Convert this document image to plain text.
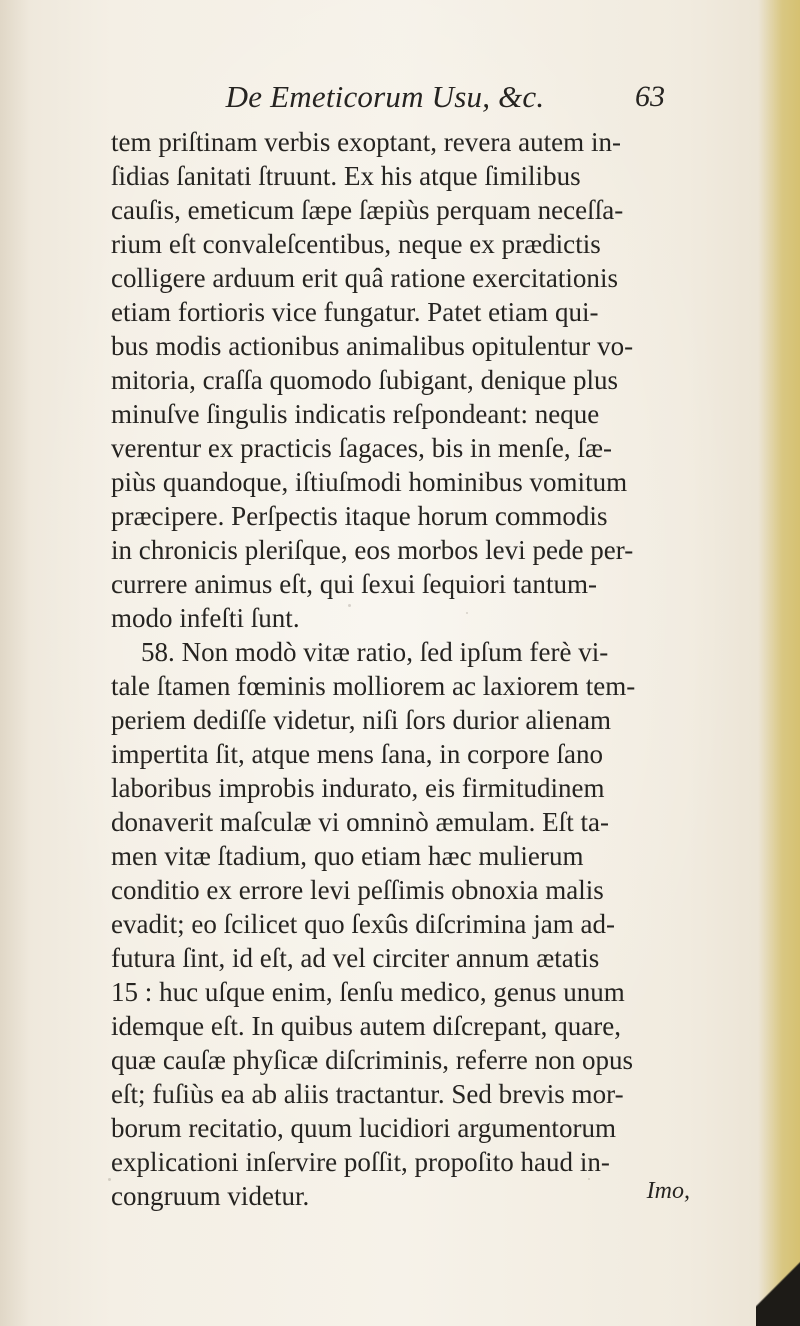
De Emeticorum Usu, &c.	63
tem priſtinam verbis exoptant, revera autem in-
ſidias ſanitati ſtruunt. Ex his atque ſimilibus
cauſis, emeticum ſæpe ſæpiùs perquam neceſſa-
rium eſt convaleſcentibus, neque ex prædictis
colligere arduum erit quâ ratione exercitationis
etiam fortioris vice fungatur. Patet etiam qui-
bus modis actionibus animalibus opitulentur vo-
mitoria, craſſa quomodo ſubigant, denique plus
minuſve ſingulis indicatis reſpondeant: neque
verentur ex practicis ſagaces, bis in menſe, ſæ-
piùs quandoque, iſtiuſmodi hominibus vomitum
præcipere. Perſpectis itaque horum commodis
in chronicis pleriſque, eos morbos levi pede per-
currere animus eſt, qui ſexui ſequiori tantum-
modo infeſti ſunt.
58. Non modò vitæ ratio, ſed ipſum ferè vi-
tale ſtamen fœminis molliorem ac laxiorem tem-
periem dediſſe videtur, niſi ſors durior alienam
impertita ſit, atque mens ſana, in corpore ſano
laboribus improbis indurato, eis firmitudinem
donaverit maſculæ vi omninò æmulam. Eſt ta-
men vitæ ſtadium, quo etiam hæc mulierum
conditio ex errore levi peſſimis obnoxia malis
evadit; eo ſcilicet quo ſexûs diſcrimina jam ad-
futura ſint, id eſt, ad vel circiter annum ætatis
15 : huc uſque enim, ſenſu medico, genus unum
idemque eſt. In quibus autem diſcrepant, quare,
quæ cauſæ phyſicæ diſcriminis, referre non opus
eſt; fuſiùs ea ab aliis tractantur. Sed brevis mor-
borum recitatio, quum lucidiori argumentorum
explicationi inſervire poſſit, propoſito haud in-
congruum videtur.	Imo,
